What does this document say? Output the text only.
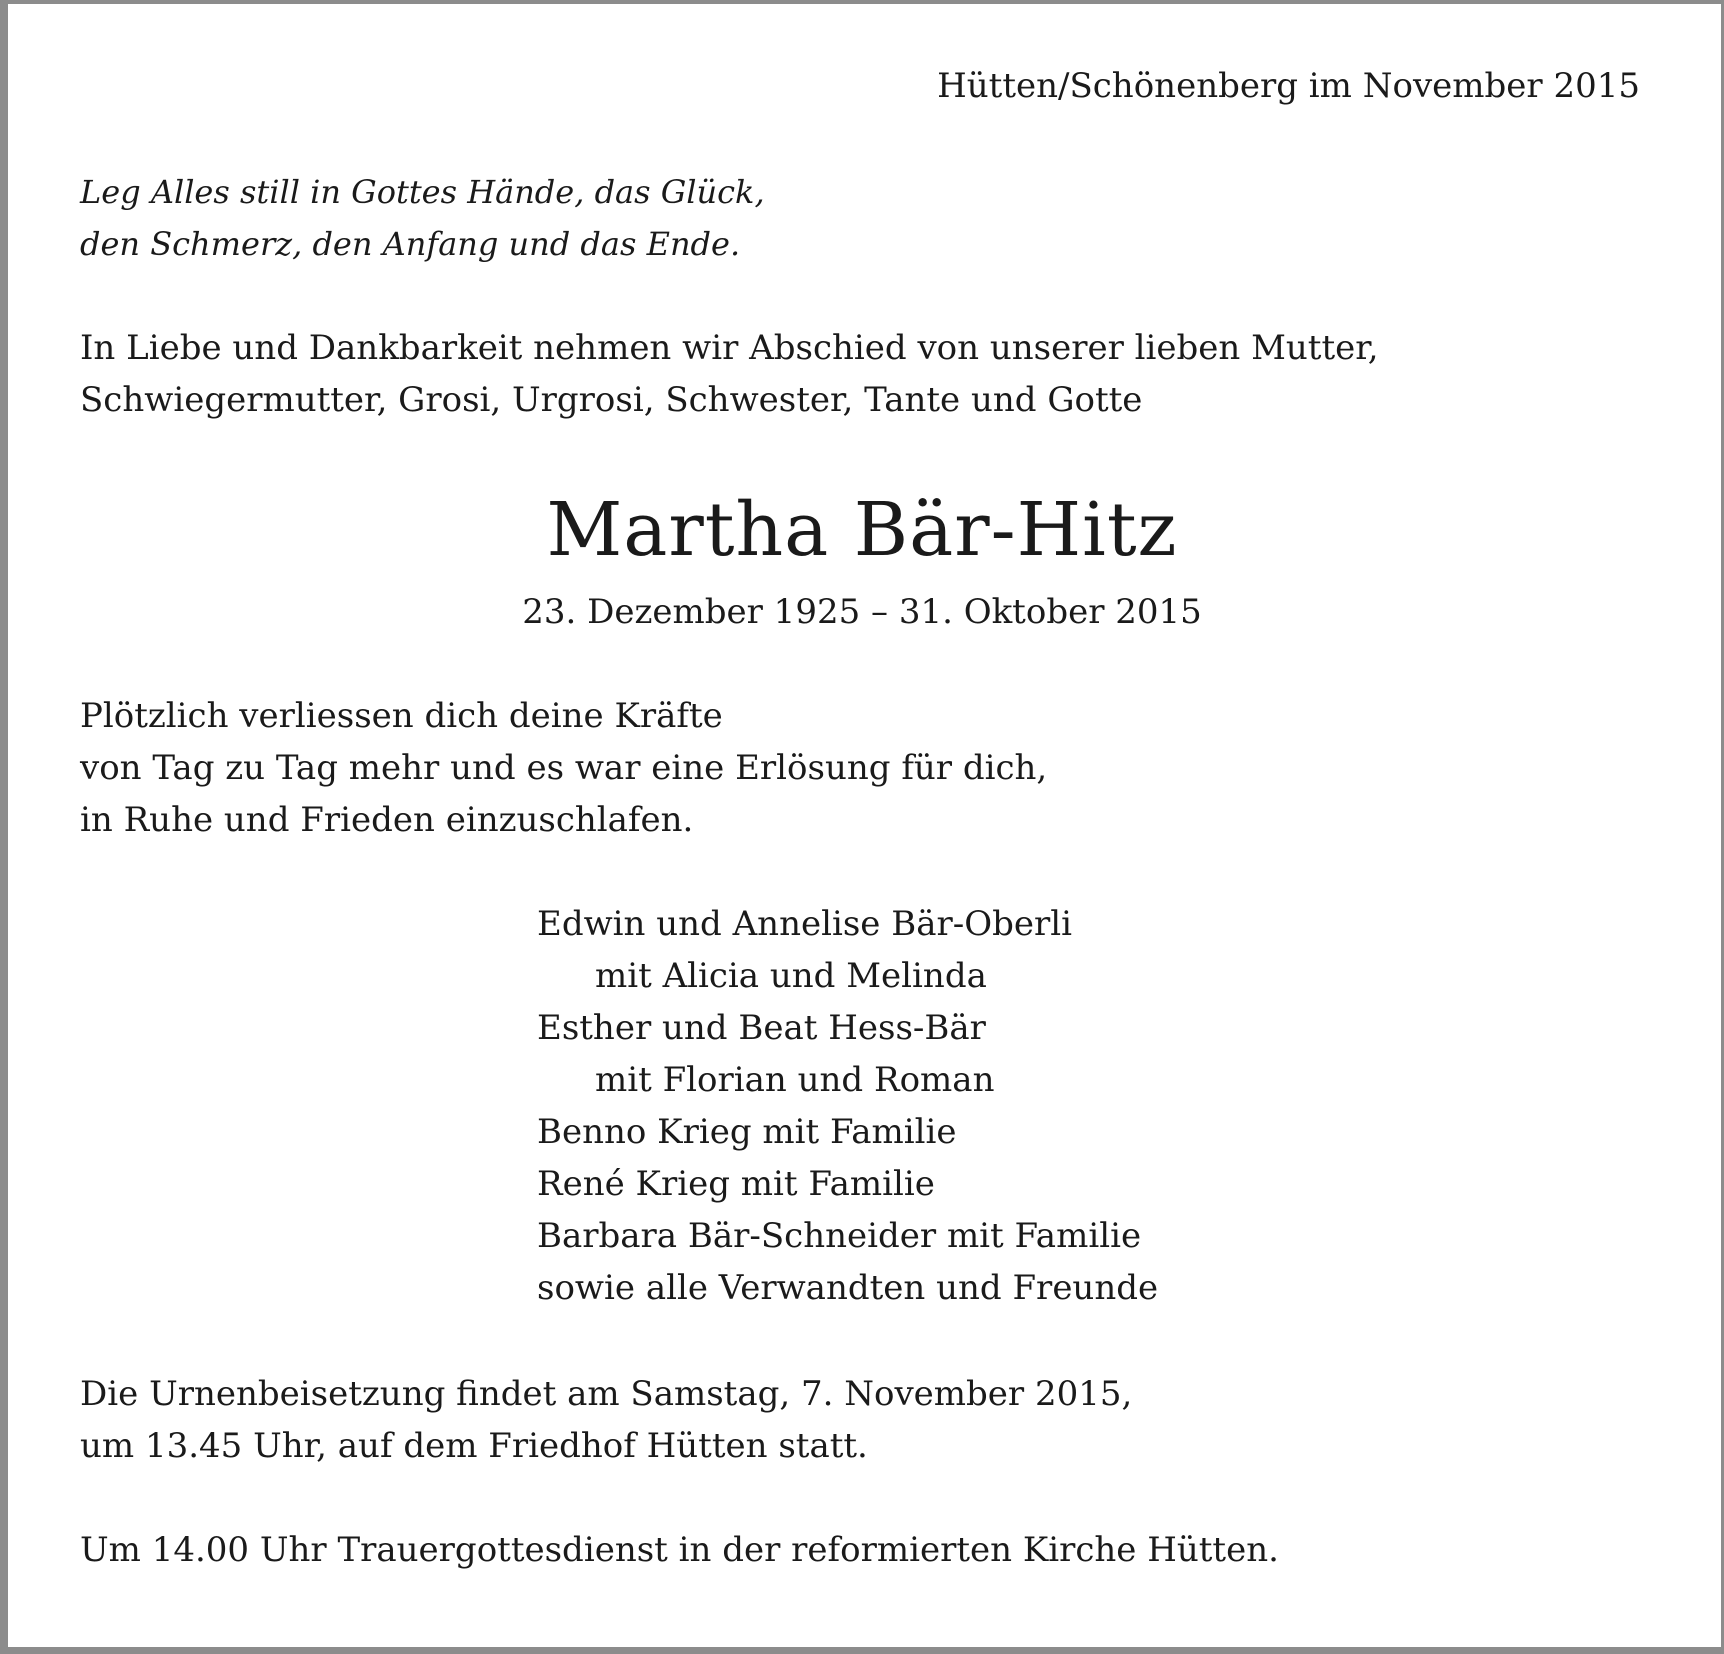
Hütten/Schönenberg im November 2015
Leg Alles still in Gottes Hände, das Glück,
den Schmerz, den Anfang und das Ende.
In Liebe und Dankbarkeit nehmen wir Abschied von unserer lieben Mutter,
Schwiegermutter, Grosi, Urgrosi, Schwester, Tante und Gotte
Martha Bär-Hitz
23. Dezember 1925 – 31. Oktober 2015
Plötzlich verliessen dich deine Kräfte
von Tag zu Tag mehr und es war eine Erlösung für dich,
in Ruhe und Frieden einzuschlafen.
Edwin und Annelise Bär-Oberli
mit Alicia und Melinda
Esther und Beat Hess-Bär
mit Florian und Roman
Benno Krieg mit Familie
René Krieg mit Familie
Barbara Bär-Schneider mit Familie
sowie alle Verwandten und Freunde
Die Urnenbeisetzung findet am Samstag, 7. November 2015,
um 13.45 Uhr, auf dem Friedhof Hütten statt.
Um 14.00 Uhr Trauergottesdienst in der reformierten Kirche Hütten.
